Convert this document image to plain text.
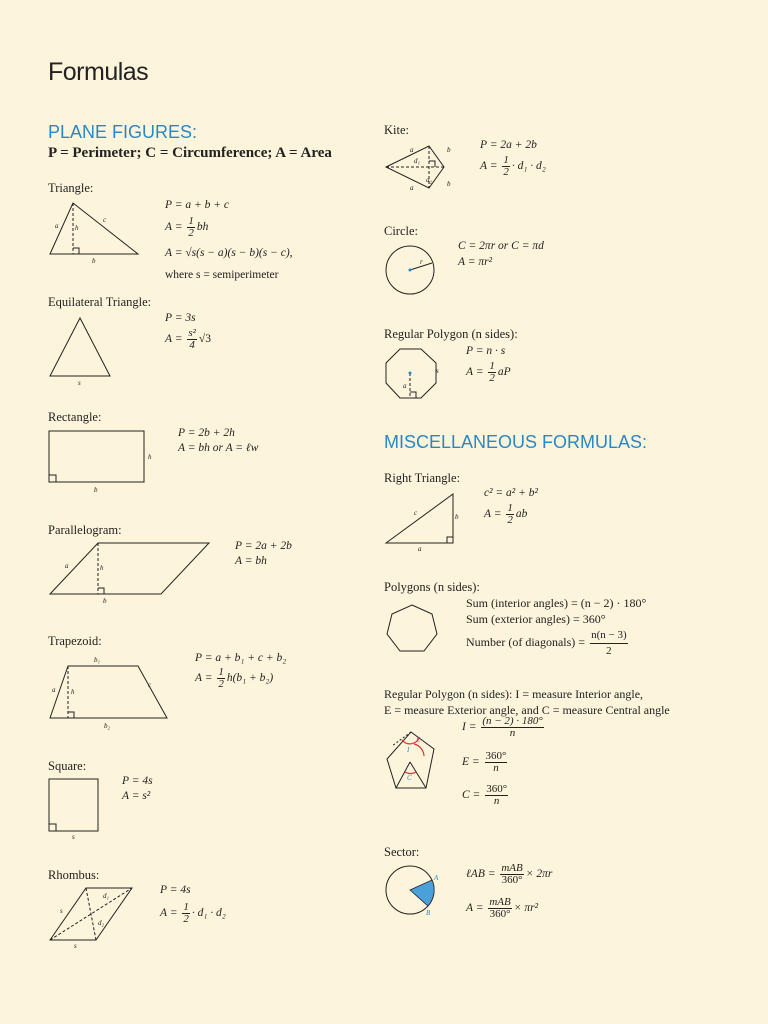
Formulas
PLANE FIGURES:
P = Perimeter; C = Circumference; A = Area
Triangle:
a h
c
b
P = a + b + c
$A = \frac{1}{2}$ bh
A = √s(s − a)(s − b)(s − c),
where s = semiperimeter
Equilateral Triangle:
s
P = 3s
$A = \frac{\text{s²}}{4} √3$
Rectangle:
h
b
P = 2b + 2h
A = bh or A = ℓw
Parallelogram:
a	h
b
P = 2a + 2b
A = bh
Trapezoid:
b₁
a h
c
b₂
P = a + b₁ + c + b₂
$A = \frac{1}{2} h(b_1 + b_2)$
Square:
s
P = 4s
A = s²
Rhombus:
d₁
s
d₂
s
P = 4s
$A = \frac{1}{2} \cdot d_1 \cdot d_2$
Kite:
a	b
d₁
d₂ b
a
P = 2a + 2b
$A = \frac{1}{2} \cdot d_1 \cdot d_2$
Circle:
r
C = 2πr or C = πd
A = πr²
Regular Polygon (n sides):
a
s
P = n · s
$A = \frac{1}{2}$ aP
MISCELLANEOUS FORMULAS:
Right Triangle:
c	b
a
c² = a² + b²
$A = \frac{1}{2}$ ab
Polygons (n sides):
Sum (interior angles) = (n − 2) · 180°
Sum (exterior angles) = 360°
Number (of diagonals) = $\frac{n(n - 3)}{2}$
Regular Polygon (n sides): I = measure Interior angle,
E = measure Exterior angle, and C = measure Central angle
E
I
C
$I = \frac{(n - 2) \cdot 180^\circ}{n}$
$E = \frac{360^\circ}{n}$
$C = \frac{360^\circ}{n}$
Sector:
A
B
ℓAB =
mAB
360° × 2πr
A =
mAB
360° × πr²
